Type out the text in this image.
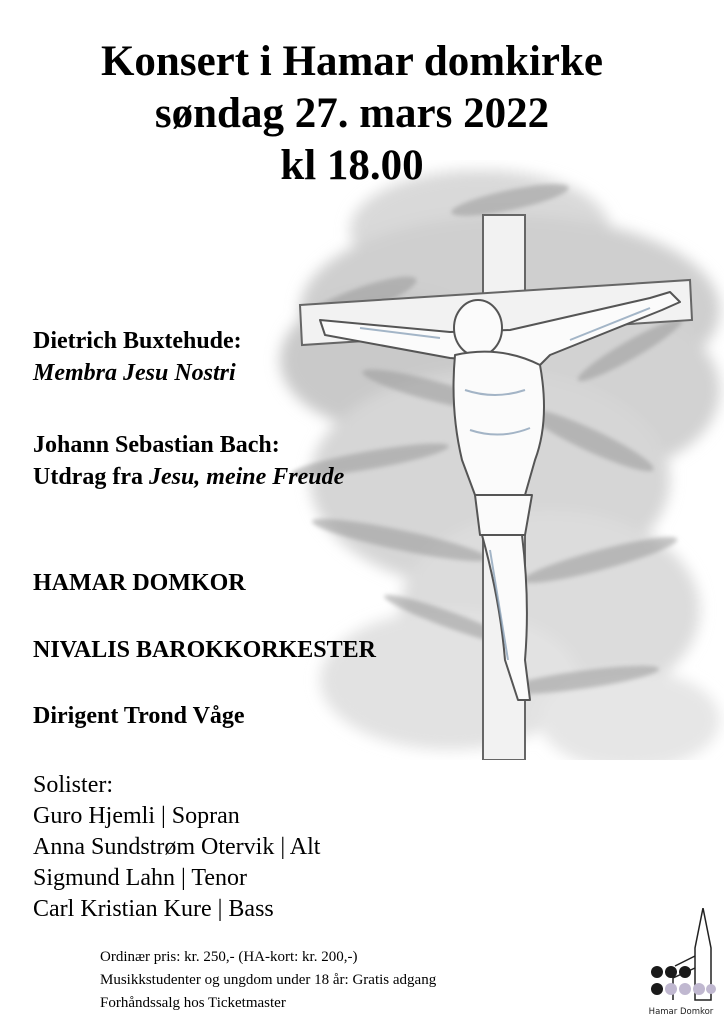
Konsert i Hamar domkirke
søndag 27. mars 2022
kl 18.00
Dietrich Buxtehude:
Membra Jesu Nostri
Johann Sebastian Bach:
Utdrag fra Jesu, meine Freude
HAMAR DOMKOR
NIVALIS BAROKKORKESTER
Dirigent Trond Våge
Solister:
Guro Hjemli | Sopran
Anna Sundstrøm Otervik | Alt
Sigmund Lahn | Tenor
Carl Kristian Kure | Bass
Ordinær pris: kr. 250,- (HA-kort: kr. 200,-)
Musikkstudenter og ungdom under 18 år: Gratis adgang
Forhåndssalg hos Ticketmaster
Hamar Domkor
